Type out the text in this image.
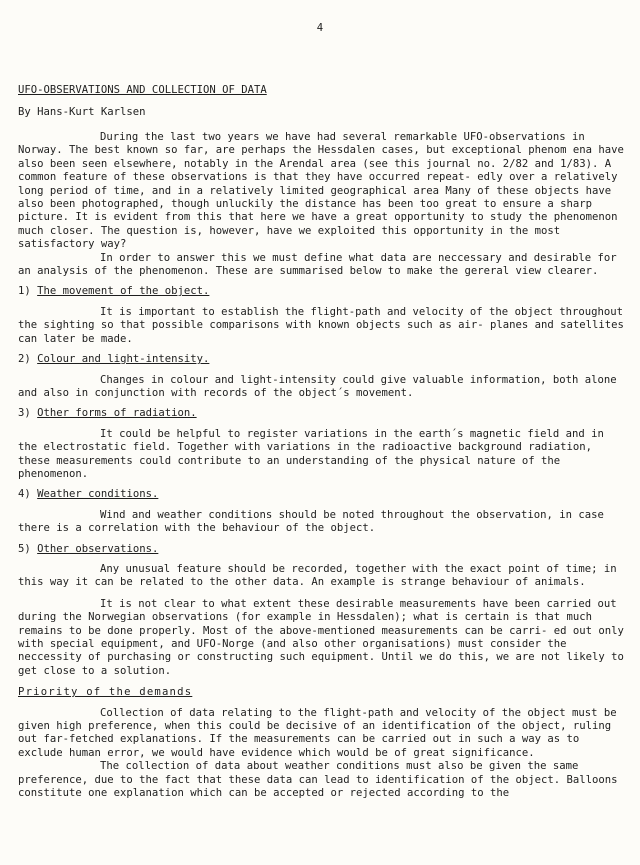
4
UFO-OBSERVATIONS AND COLLECTION OF DATA
By Hans-Kurt Karlsen

During the last two years we have had several remarkable UFO-observations in Norway. The best known so far, are perhaps the Hessdalen cases, but exceptional phenom ena have also been seen elsewhere, notably in the Arendal area (see this journal no. 2/82 and 1/83). A common feature of these observations is that they have occurred repeat- edly over a relatively long period of time, and in a relatively limited geographical area Many of these objects have also been photographed, though unluckily the distance has been too great to ensure a sharp picture. It is evident from this that here we have a great opportunity to study the phenomenon much closer. The question is, however, have we exploited this opportunity in the most satisfactory way?

In order to answer this we must define what data are neccessary and desirable for an analysis of the phenomenon. These are summarised below to make the gereral view clearer.

1) The movement of the object.

It is important to establish the flight-path and velocity of the object throughout the sighting so that possible comparisons with known objects such as air- planes and satellites can later be made.

2) Colour and light-intensity.

Changes in colour and light-intensity could give valuable information, both alone and also in conjunction with records of the object´s movement.

3) Other forms of radiation.

It could be helpful to register variations in the earth´s magnetic field and in the electrostatic field. Together with variations in the radioactive background radiation, these measurements could contribute to an understanding of the physical nature of the phenomenon.

4) Weather conditions.

Wind and weather conditions should be noted throughout the observation, in case there is a correlation with the behaviour of the object.

5) Other observations.

Any unusual feature should be recorded, together with the exact point of time; in this way it can be related to the other data. An example is strange behaviour of animals.

It is not clear to what extent these desirable measurements have been carried out during the Norwegian observations (for example in Hessdalen); what is certain is that much remains to be done properly. Most of the above-mentioned measurements can be carri- ed out only with special equipment, and UFO-Norge (and also other organisations) must consider the neccessity of purchasing or constructing such equipment. Until we do this, we are not likely to get close to a solution.

Priority of the demands

Collection of data relating to the flight-path and velocity of the object must be given high preference, when this could be decisive of an identification of the object, ruling out far-fetched explanations. If the measurements can be carried out in such a way as to exclude human error, we would have evidence which would be of great significance.

The collection of data about weather conditions must also be given the same preference, due to the fact that these data can lead to identification of the object. Balloons constitute one explanation which can be accepted or rejected according to the
